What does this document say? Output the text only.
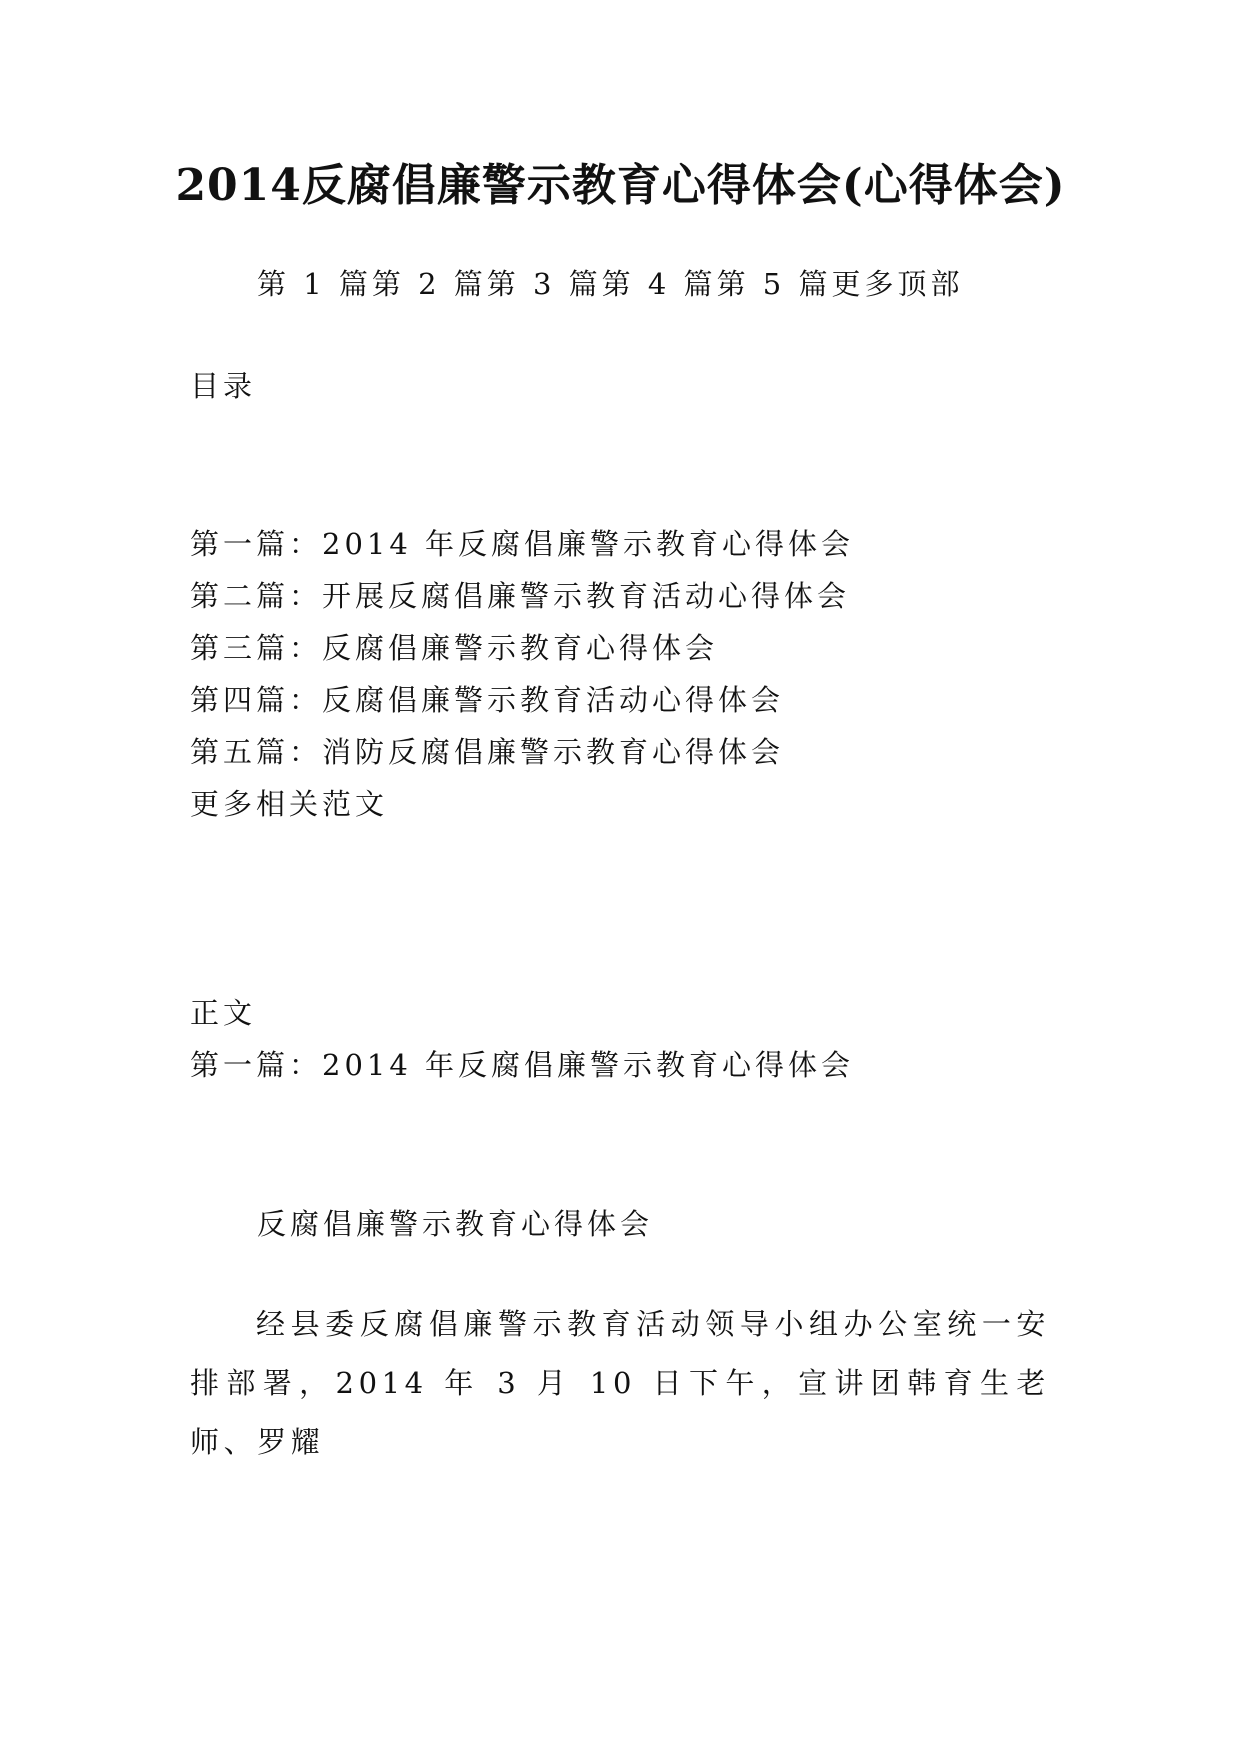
2014反腐倡廉警示教育心得体会(心得体会)
第 1 篇第 2 篇第 3 篇第 4 篇第 5 篇更多顶部
目录
第一篇：2014 年反腐倡廉警示教育心得体会
第二篇：开展反腐倡廉警示教育活动心得体会
第三篇：反腐倡廉警示教育心得体会
第四篇：反腐倡廉警示教育活动心得体会
第五篇：消防反腐倡廉警示教育心得体会
更多相关范文
正文
第一篇：2014 年反腐倡廉警示教育心得体会
反腐倡廉警示教育心得体会
经县委反腐倡廉警示教育活动领导小组办公室统一安排部署，2014 年 3 月 10 日下午，宣讲团韩育生老师、罗耀
